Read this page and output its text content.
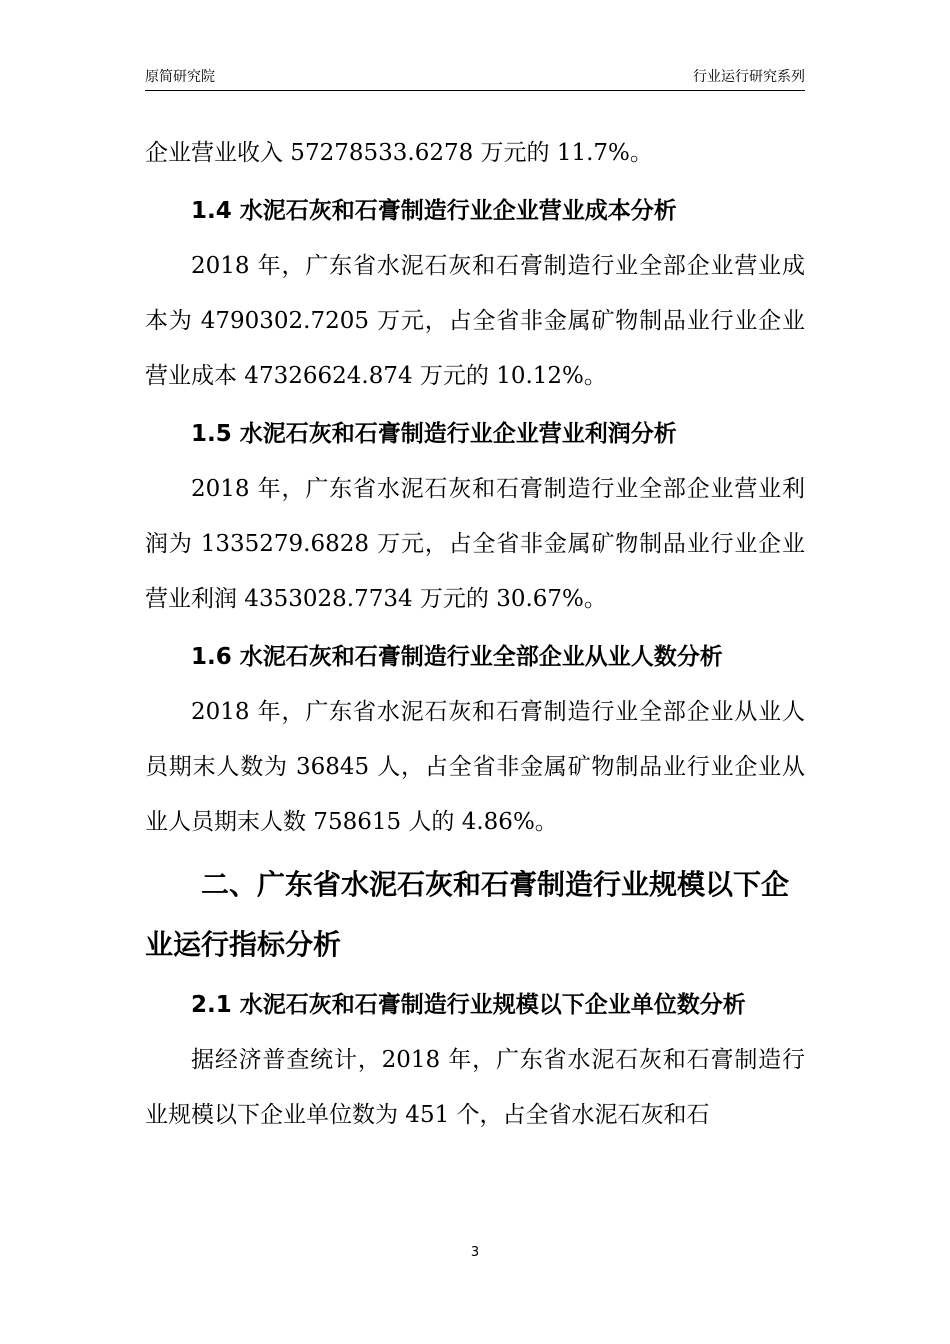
原简研究院	行业运行研究系列

企业营业收入 57278533.6278 万元的 11.7%。

1.4 水泥石灰和石膏制造行业企业营业成本分析

2018 年，广东省水泥石灰和石膏制造行业全部企业营业成本为 4790302.7205 万元，占全省非金属矿物制品业行业企业营业成本 47326624.874 万元的 10.12%。

1.5 水泥石灰和石膏制造行业企业营业利润分析

2018 年，广东省水泥石灰和石膏制造行业全部企业营业利润为 1335279.6828 万元，占全省非金属矿物制品业行业企业营业利润 4353028.7734 万元的 30.67%。

1.6 水泥石灰和石膏制造行业全部企业从业人数分析

2018 年，广东省水泥石灰和石膏制造行业全部企业从业人员期末人数为 36845 人，占全省非金属矿物制品业行业企业从业人员期末人数 758615 人的 4.86%。

二、广东省水泥石灰和石膏制造行业规模以下企业运行指标分析
2.1 水泥石灰和石膏制造行业规模以下企业单位数分析

据经济普查统计，2018 年，广东省水泥石灰和石膏制造行业规模以下企业单位数为 451 个，占全省水泥石灰和石

3
